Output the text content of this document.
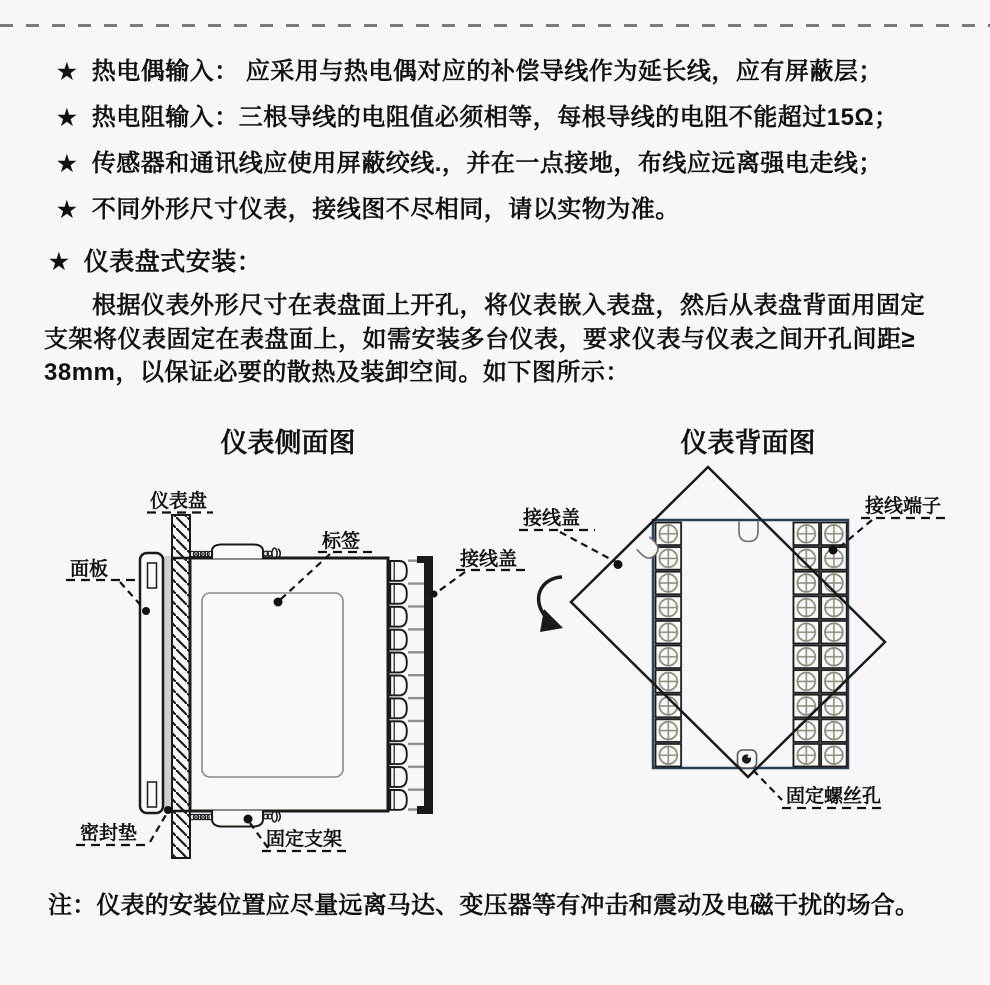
★ 热电偶输入： 应采用与热电偶对应的补偿导线作为延长线，应有屏蔽层；
★ 热电阻输入：三根导线的电阻值必须相等，每根导线的电阻不能超过15Ω；
★ 传感器和通讯线应使用屏蔽绞线.，并在一点接地，布线应远离强电走线；
★ 不同外形尺寸仪表，接线图不尽相同，请以实物为准。
★ 仪表盘式安装：
根据仪表外形尺寸在表盘面上开孔，将仪表嵌入表盘，然后从表盘背面用固定
支架将仪表固定在表盘面上，如需安装多台仪表，要求仪表与仪表之间开孔间距≥
38mm，以保证必要的散热及装卸空间。如下图所示：
仪表侧面图
仪表盘
面板
标签
接线盖
密封垫	固定支架
仪表背面图
接线盖
接线端子
固定螺丝孔
注：仪表的安装位置应尽量远离马达、变压器等有冲击和震动及电磁干扰的场合。
